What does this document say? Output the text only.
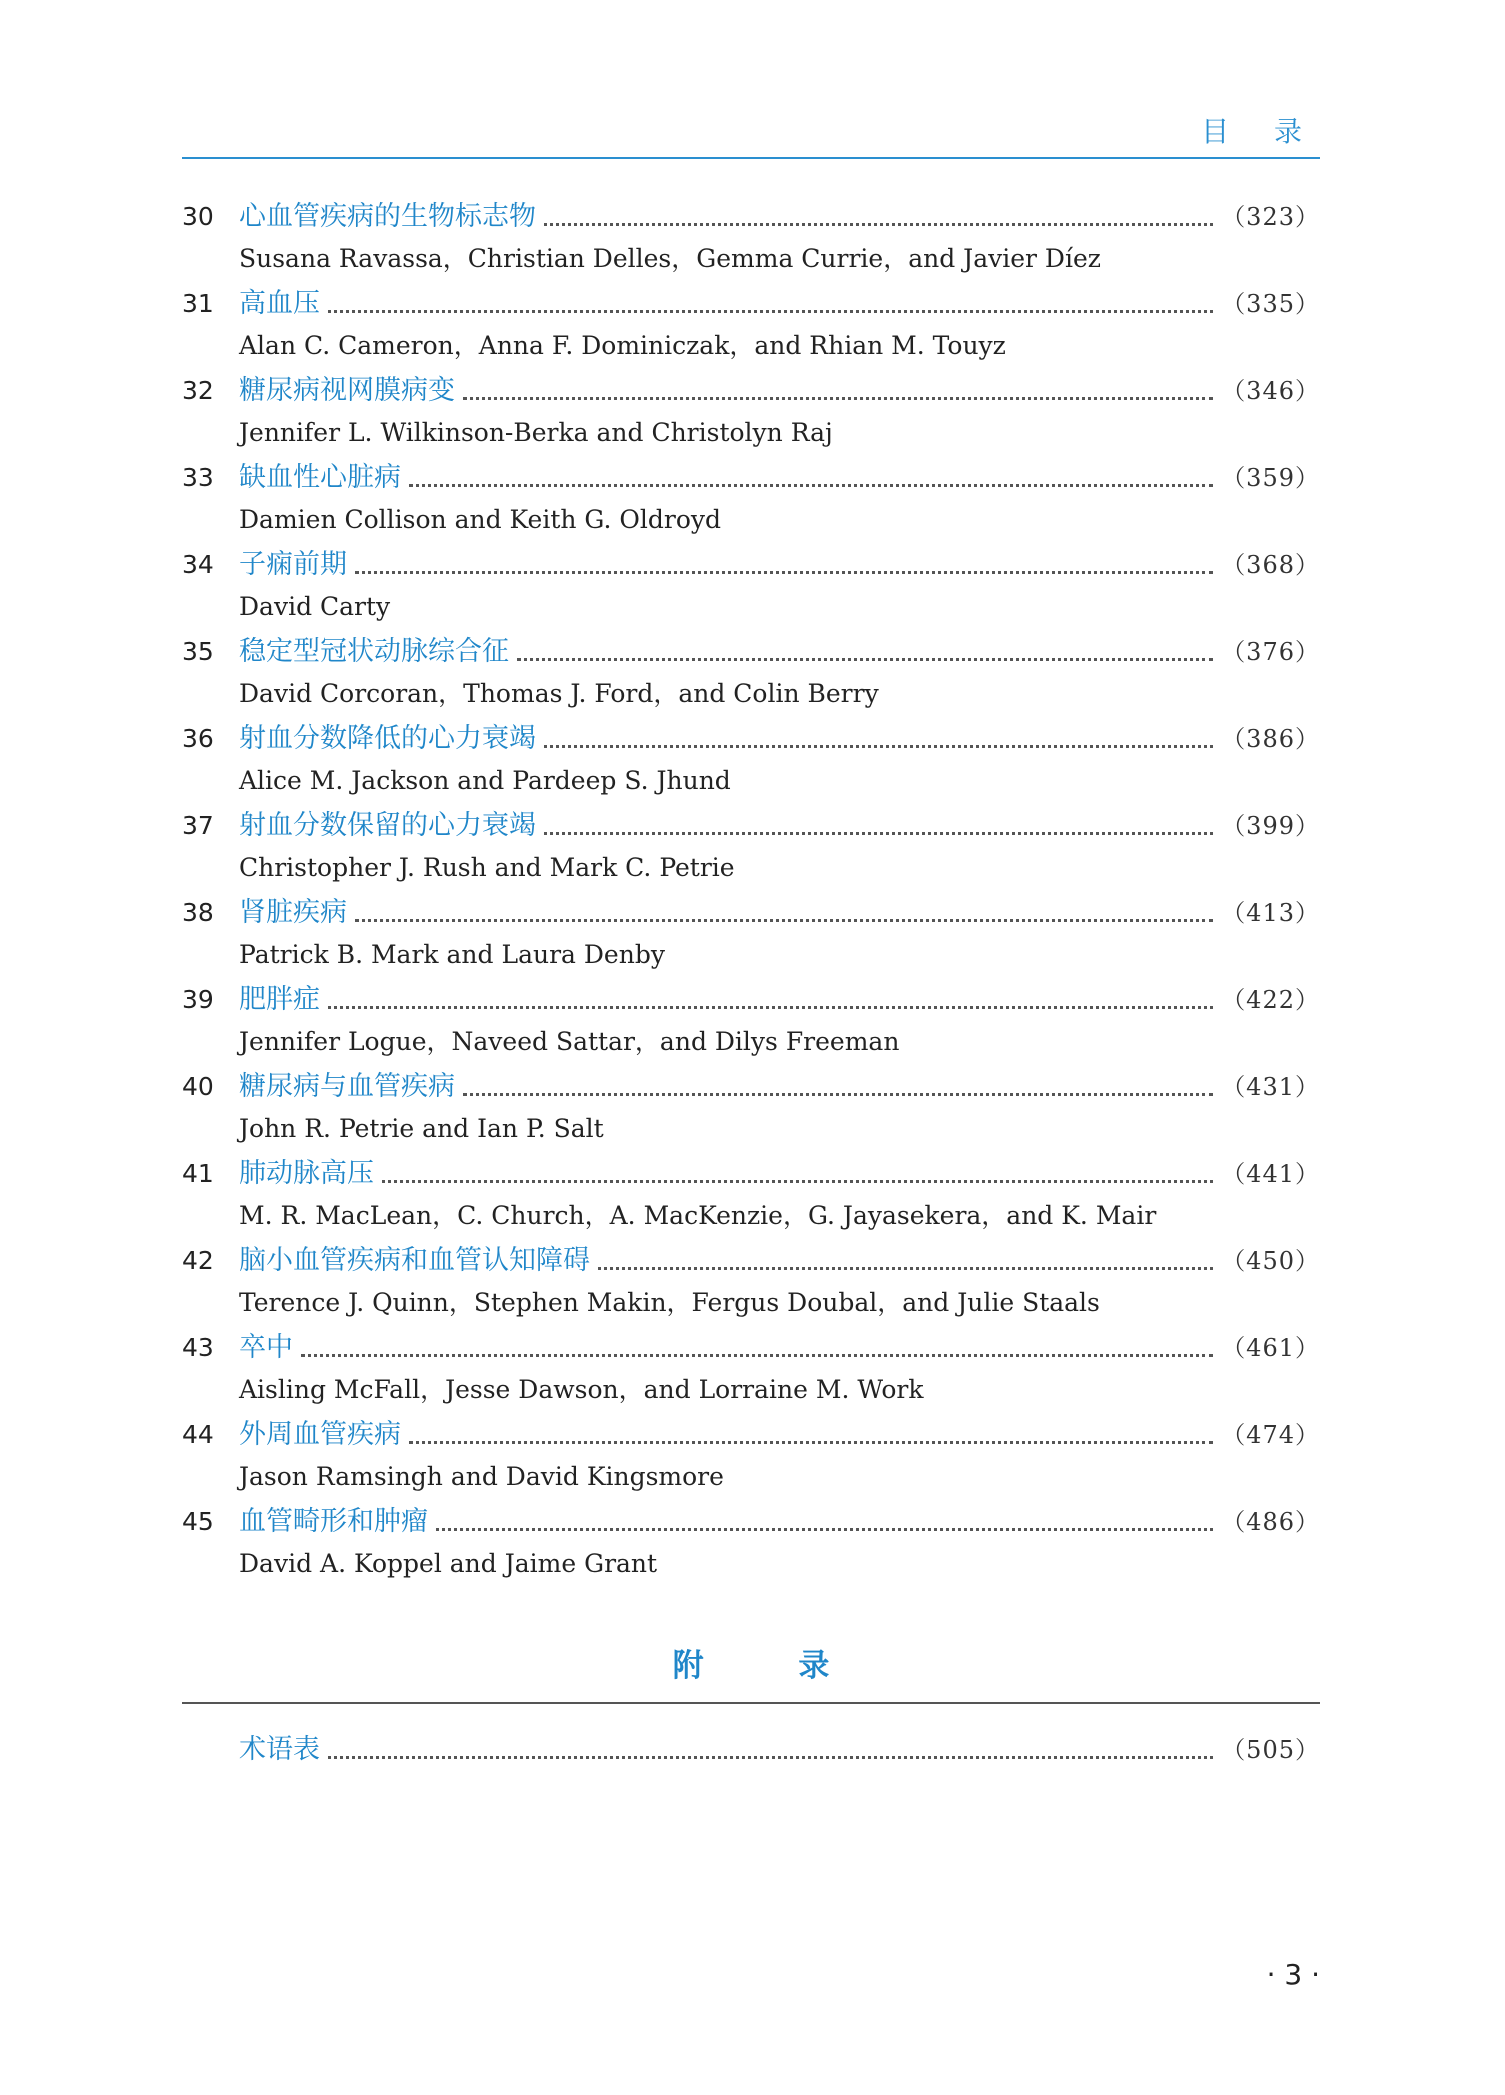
目 录
30 心血管疾病的生物标志物	（323）
Susana Ravassa，Christian Delles，Gemma Currie，and Javier Díez
31 高血压	（335）
Alan C. Cameron，Anna F. Dominiczak，and Rhian M. Touyz
32 糖尿病视网膜病变	（346）
Jennifer L. Wilkinson-Berka and Christolyn Raj
33 缺血性心脏病	（359）
Damien Collison and Keith G. Oldroyd
34 子痫前期	（368）
David Carty
35 稳定型冠状动脉综合征	（376）
David Corcoran，Thomas J. Ford，and Colin Berry
36 射血分数降低的心力衰竭	（386）
Alice M. Jackson and Pardeep S. Jhund
37 射血分数保留的心力衰竭	（399）
Christopher J. Rush and Mark C. Petrie
38 肾脏疾病	（413）
Patrick B. Mark and Laura Denby
39 肥胖症	（422）
Jennifer Logue，Naveed Sattar，and Dilys Freeman
40 糖尿病与血管疾病	（431）
John R. Petrie and Ian P. Salt
41 肺动脉高压	（441）
M. R. MacLean，C. Church，A. MacKenzie，G. Jayasekera，and K. Mair
42 脑小血管疾病和血管认知障碍	（450）
Terence J. Quinn，Stephen Makin，Fergus Doubal，and Julie Staals
43 卒中	（461）
Aisling McFall，Jesse Dawson，and Lorraine M. Work
44 外周血管疾病	（474）
Jason Ramsingh and David Kingsmore
45 血管畸形和肿瘤	（486）
David A. Koppel and Jaime Grant
附 录
术语表	（505）
· 3 ·
